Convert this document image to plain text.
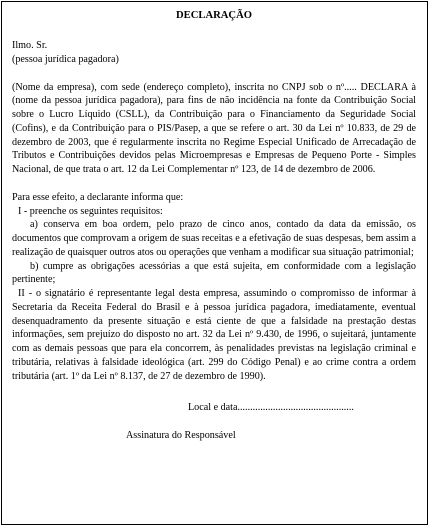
DECLARAÇÃO

Ilmo. Sr.

(pessoa jurídica pagadora)

(Nome da empresa), com sede (endereço completo), inscrita no CNPJ sob o nº..... DECLARA à (nome da pessoa jurídica pagadora), para fins de não incidência na fonte da Contribuição Social sobre o Lucro Líquido (CSLL), da Contribuição para o Financiamento da Seguridade Social (Cofins), e da Contribuição para o PIS/Pasep, a que se refere o art. 30 da Lei nº 10.833, de 29 de dezembro de 2003, que é regularmente inscrita no Regime Especial Unificado de Arrecadação de Tributos e Contribuições devidos pelas Microempresas e Empresas de Pequeno Porte - Simples Nacional, de que trata o art. 12 da Lei Complementar nº 123, de 14 de dezembro de 2006.

Para esse efeito, a declarante informa que:

I - preenche os seguintes requisitos:

a) conserva em boa ordem, pelo prazo de cinco anos, contado da data da emissão, os documentos que comprovam a origem de suas receitas e a efetivação de suas despesas, bem assim a realização de quaisquer outros atos ou operações que venham a modificar sua situação patrimonial;

b) cumpre as obrigações acessórias a que está sujeita, em conformidade com a legislação pertinente;

II - o signatário é representante legal desta empresa, assumindo o compromisso de informar à Secretaria da Receita Federal do Brasil e à pessoa jurídica pagadora, imediatamente, eventual desenquadramento da presente situação e está ciente de que a falsidade na prestação destas informações, sem prejuízo do disposto no art. 32 da Lei nº 9.430, de 1996, o sujeitará, juntamente com as demais pessoas que para ela concorrem, às penalidades previstas na legislação criminal e tributária, relativas à falsidade ideológica (art. 299 do Código Penal) e ao crime contra a ordem tributária (art. 1º da Lei nº 8.137, de 27 de dezembro de 1990).

Local e data..............................................

Assinatura do Responsável
